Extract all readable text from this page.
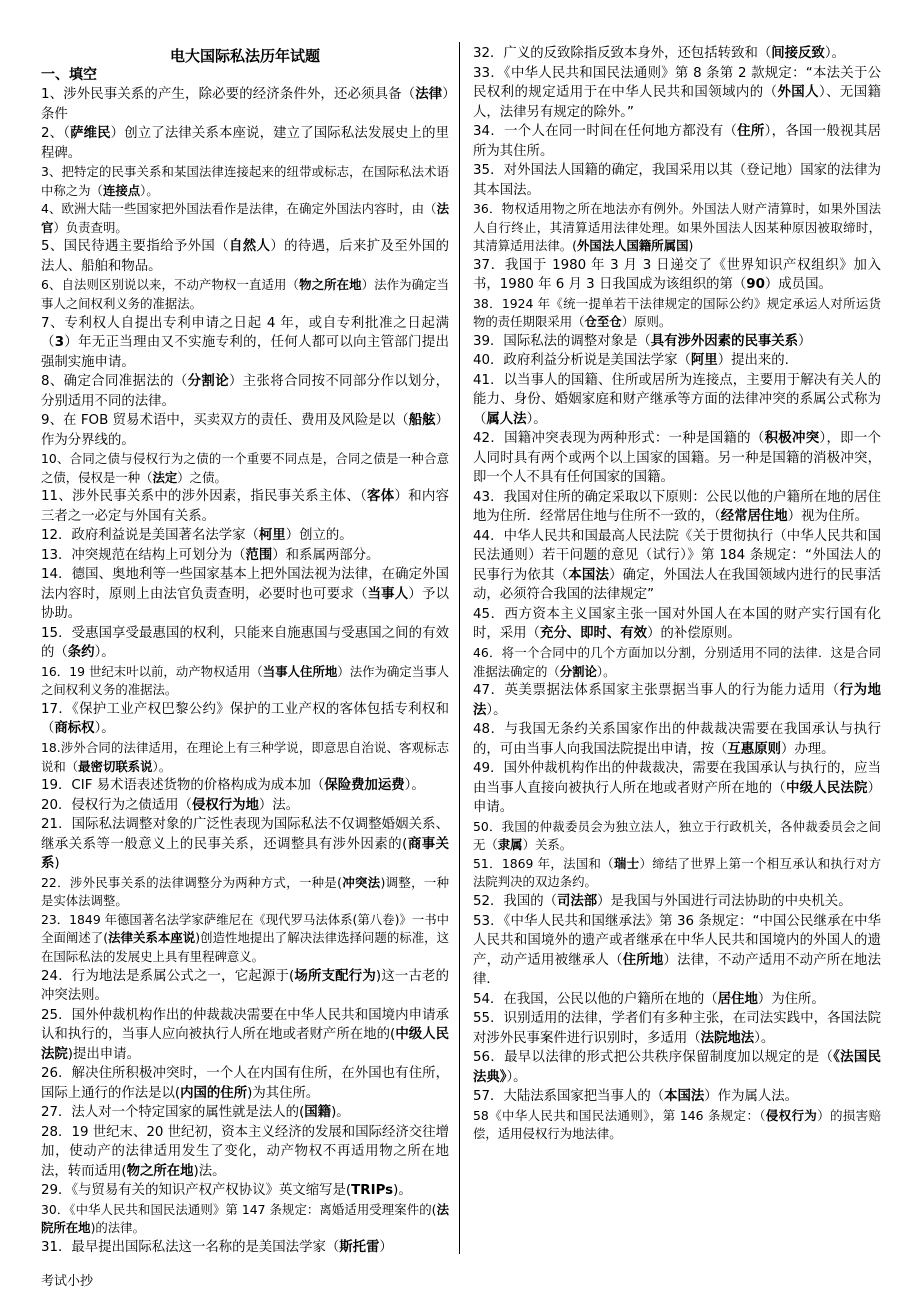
电大国际私法历年试题
一、填空

1、涉外民事关系的产生，除必要的经济条件外，还必须具备（法律）条件

2、（萨维民）创立了法律关系本座说，建立了国际私法发展史上的里程碑。

3、把特定的民事关系和某国法律连接起来的纽带或标志，在国际私法术语中称之为（连接点）。

4、欧洲大陆一些国家把外国法看作是法律，在确定外国法内容时，由（法官）负责查明。

5、国民待遇主要指给予外国（自然人）的待遇，后来扩及至外国的法人、船舶和物品。

6、自法则区别说以来，不动产物权一直适用（物之所在地）法作为确定当事人之间权利义务的准据法。

7、专利权人自提出专利申请之日起 4 年，或自专利批准之日起满（3）年无正当理由又不实施专利的，任何人都可以向主管部门提出强制实施申请。

8、确定合同准据法的（分割论）主张将合同按不同部分作以划分，分别适用不同的法律。

9、在 FOB 贸易术语中，买卖双方的责任、费用及风险是以（船舷）作为分界线的。

10、合同之债与侵权行为之债的一个重要不同点是，合同之债是一种合意之债，侵权是一种（法定）之债。

11、涉外民事关系中的涉外因素，指民事关系主体、（客体）和内容三者之一必定与外国有关系。

12．政府利益说是美国著名法学家（柯里）创立的。

13．冲突规范在结构上可划分为（范围）和系属两部分。

14．德国、奥地利等一些国家基本上把外国法视为法律，在确定外国法内容时，原则上由法官负责查明，必要时也可要求（当事人）予以协助。

15．受惠国享受最惠国的权利，只能来自施惠国与受惠国之间的有效的（条约）。

16．19 世纪末叶以前，动产物权适用（当事人住所地）法作为确定当事人之间权利义务的准据法。

17．《保护工业产权巴黎公约》保护的工业产权的客体包括专利权和（商标权）。

18.涉外合同的法律适用，在理论上有三种学说，即意思自治说、客观标志说和（最密切联系说）。

19．CIF 易术语表述货物的价格构成为成本加（保险费加运费）。

20．侵权行为之债适用（侵权行为地）法。

21．国际私法调整对象的广泛性表现为国际私法不仅调整婚姻关系、继承关系等一般意义上的民事关系，还调整具有涉外因素的(商事关系)

22．涉外民事关系的法律调整分为两种方式，一种是(冲突法)调整，一种是实体法调整。

23．1849 年德国著名法学家萨维尼在《现代罗马法体系(第八卷)》一书中全面阐述了(法律关系本座说)创造性地提出了解决法律选择问题的标准，这在国际私法的发展史上具有里程碑意义。

24．行为地法是系属公式之一，它起源于(场所支配行为)这一古老的冲突法则。

25．国外仲裁机构作出的仲裁裁决需要在中华人民共和国境内申请承认和执行的，当事人应向被执行人所在地或者财产所在地的(中级人民法院)提出申请。

26．解决住所积极冲突时，一个人在内国有住所，在外国也有住所，国际上通行的作法是以(内国的住所)为其住所。

27．法人对一个特定国家的属性就是法人的(国籍)。

28．19 世纪末、20 世纪初，资本主义经济的发展和国际经济交往增加，使动产的法律适用发生了变化，动产物权不再适用物之所在地法，转而适用(物之所在地)法。

29．《与贸易有关的知识产权产权协议》英文缩写是(TRIPs)。

30．《中华人民共和国民法通则》第 147 条规定：离婚适用受理案件的(法院所在地)的法律。

31．最早提出国际私法这一名称的是美国法学家（斯托雷）

32．广义的反致除指反致本身外，还包括转致和（间接反致）。

33．《中华人民共和国民法通则》第 8 条第 2 款规定：“本法关于公民权利的规定适用于在中华人民共和国领域内的（外国人）、无国籍人，法律另有规定的除外。”

34．一个人在同一时间在任何地方都没有（住所），各国一般视其居所为其住所。

35．对外国法人国籍的确定，我国采用以其（登记地）国家的法律为其本国法。

36．物权适用物之所在地法亦有例外。外国法人财产清算时，如果外国法人自行终止，其清算适用法律处理。如果外国法人因某种原因被取缔时，其清算适用法律。(外国法人国籍所属国)

37．我国于 1980 年 3 月 3 日递交了《世界知识产权组织》加入书，1980 年 6 月 3 日我国成为该组织的第（90）成员国。

38．1924 年《统一提单若干法律规定的国际公约》规定承运人对所运货物的责任期限采用（仓至仓）原则。

39．国际私法的调整对象是（具有涉外因素的民事关系）

40．政府利益分析说是美国法学家（阿里）提出来的.

41．以当事人的国籍、住所或居所为连接点，主要用于解决有关人的能力、身份、婚姻家庭和财产继承等方面的法律冲突的系属公式称为（属人法）。

42．国籍冲突表现为两种形式：一种是国籍的（积极冲突），即一个人同时具有两个或两个以上国家的国籍。另一种是国籍的消极冲突，即一个人不具有任何国家的国籍。

43．我国对住所的确定采取以下原则：公民以他的户籍所在地的居住地为住所．经常居住地与住所不一致的，（经常居住地）视为住所。

44．中华人民共和国最高人民法院《关于贯彻执行（中华人民共和国民法通则）若干问题的意见（试行）》第 184 条规定：“外国法人的民事行为依其（本国法）确定，外国法人在我国领域内进行的民事活动，必须符合我国的法律规定”

45．西方资本主义国家主张一国对外国人在本国的财产实行国有化时，采用（充分、即时、有效）的补偿原则。

46．将一个合同中的几个方面加以分割，分别适用不同的法律．这是合同准据法确定的（分割论）。

47．英美票据法体系国家主张票据当事人的行为能力适用（行为地法）。

48．与我国无条约关系国家作出的仲裁裁决需要在我国承认与执行的，可由当事人向我国法院提出申请，按（互惠原则）办理。

49．国外仲裁机构作出的仲裁裁决，需要在我国承认与执行的，应当由当事人直接向被执行人所在地或者财产所在地的（中级人民法院）申请。

50．我国的仲裁委员会为独立法人，独立于行政机关，各仲裁委员会之间无（隶属）关系。

51．1869 年，法国和（瑞士）缔结了世界上第一个相互承认和执行对方法院判决的双边条约。

52．我国的（司法部）是我国与外国进行司法协助的中央机关。

53．《中华人民共和国继承法》第 36 条规定：“中国公民继承在中华人民共和国境外的遗产或者继承在中华人民共和国境内的外国人的遗产，动产适用被继承人（住所地）法律，不动产适用不动产所在地法律．

54．在我国，公民以他的户籍所在地的（居住地）为住所。

55．识别适用的法律，学者们有多种主张，在司法实践中，各国法院对涉外民事案件进行识别时，多适用（法院地法）。

56．最早以法律的形式把公共秩序保留制度加以规定的是（《法国民法典》）。

57．大陆法系国家把当事人的（本国法）作为属人法。

58《中华人民共和国民法通则》，第 146 条规定：（侵权行为）的损害赔偿，适用侵权行为地法律。

考试小抄
